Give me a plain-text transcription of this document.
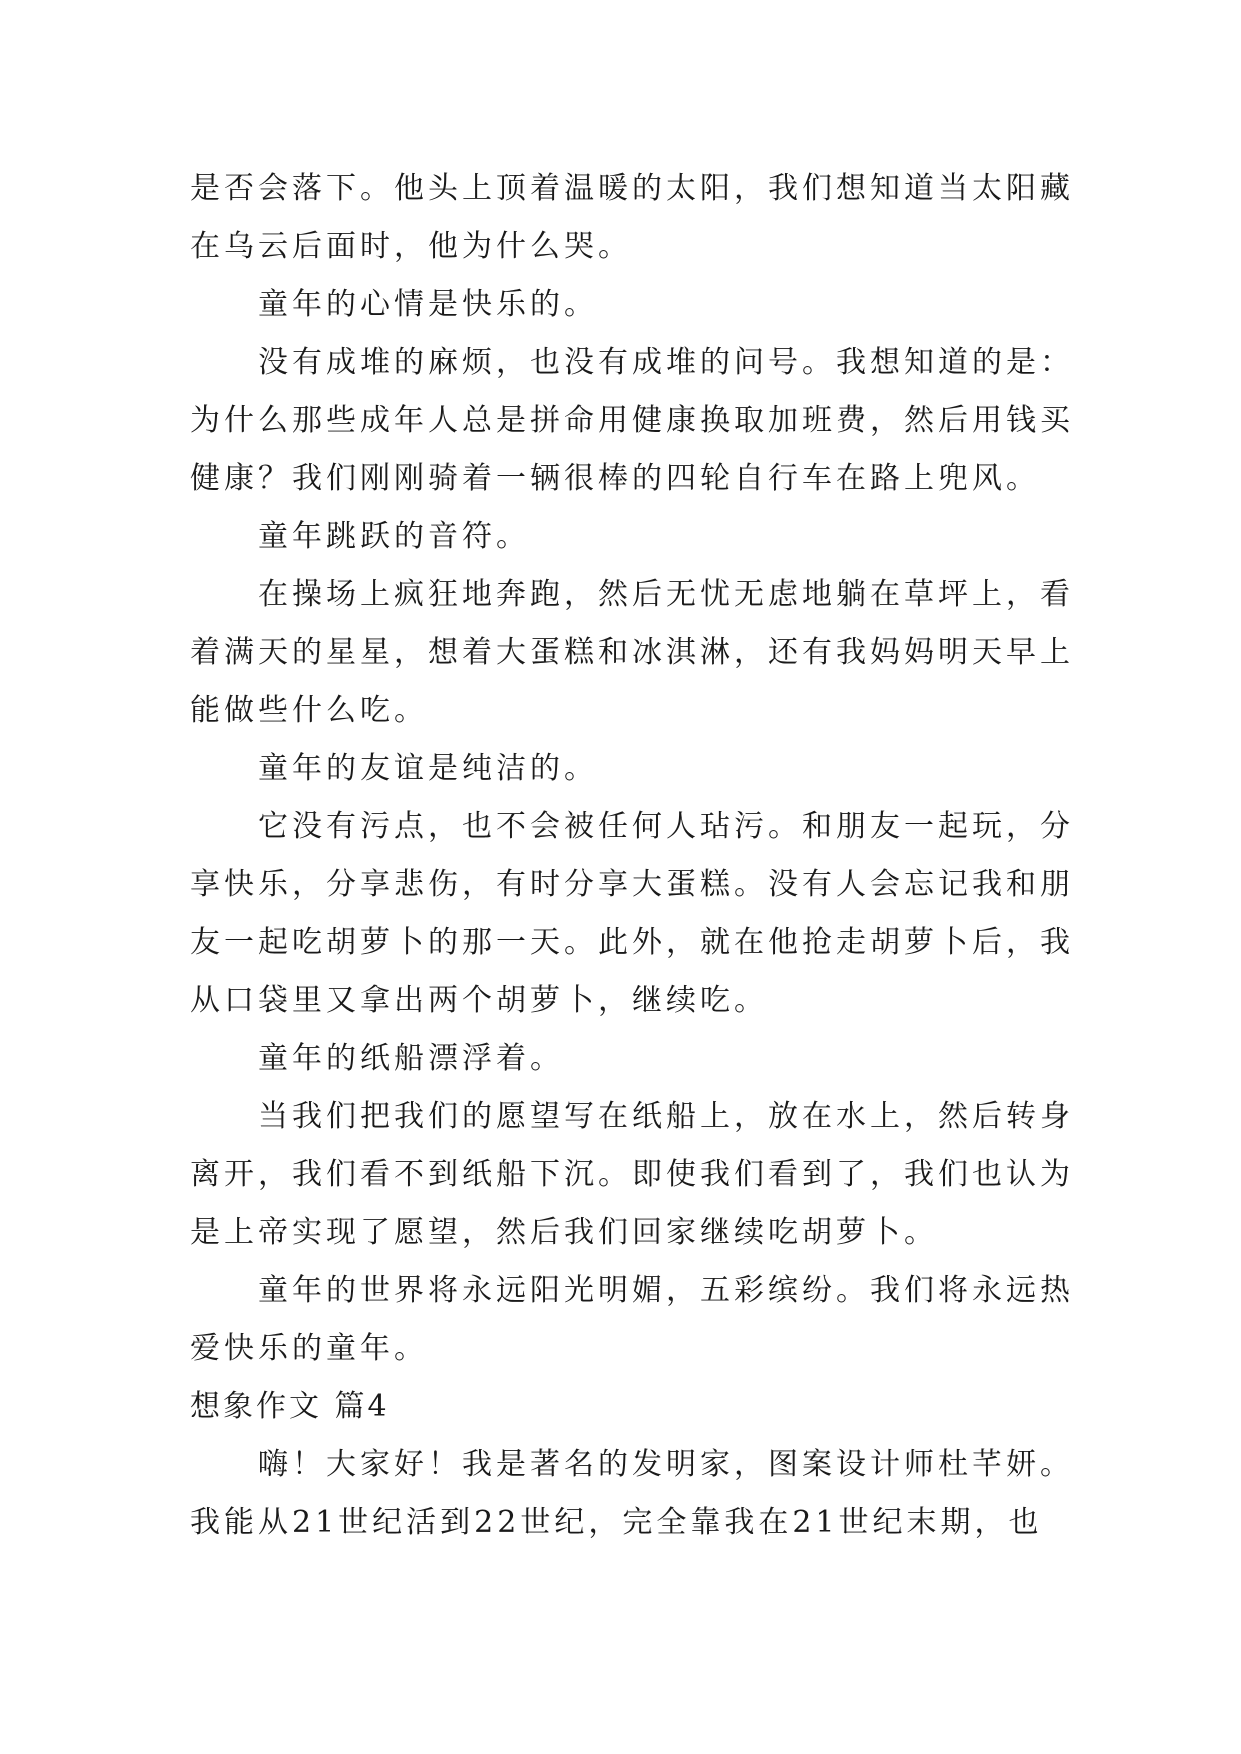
是否会落下。他头上顶着温暖的太阳，我们想知道当太阳藏
在乌云后面时，他为什么哭。
童年的心情是快乐的。
没有成堆的麻烦，也没有成堆的问号。我想知道的是：
为什么那些成年人总是拼命用健康换取加班费，然后用钱买
健康？我们刚刚骑着一辆很棒的四轮自行车在路上兜风。
童年跳跃的音符。
在操场上疯狂地奔跑，然后无忧无虑地躺在草坪上，看
着满天的星星，想着大蛋糕和冰淇淋，还有我妈妈明天早上
能做些什么吃。
童年的友谊是纯洁的。
它没有污点，也不会被任何人玷污。和朋友一起玩，分
享快乐，分享悲伤，有时分享大蛋糕。没有人会忘记我和朋
友一起吃胡萝卜的那一天。此外，就在他抢走胡萝卜后，我
从口袋里又拿出两个胡萝卜，继续吃。
童年的纸船漂浮着。
当我们把我们的愿望写在纸船上，放在水上，然后转身
离开，我们看不到纸船下沉。即使我们看到了，我们也认为
是上帝实现了愿望，然后我们回家继续吃胡萝卜。
童年的世界将永远阳光明媚，五彩缤纷。我们将永远热
爱快乐的童年。
想象作文 篇4
嗨！大家好！我是著名的发明家，图案设计师杜芊妍。
我能从21世纪活到22世纪，完全靠我在21世纪末期，也
